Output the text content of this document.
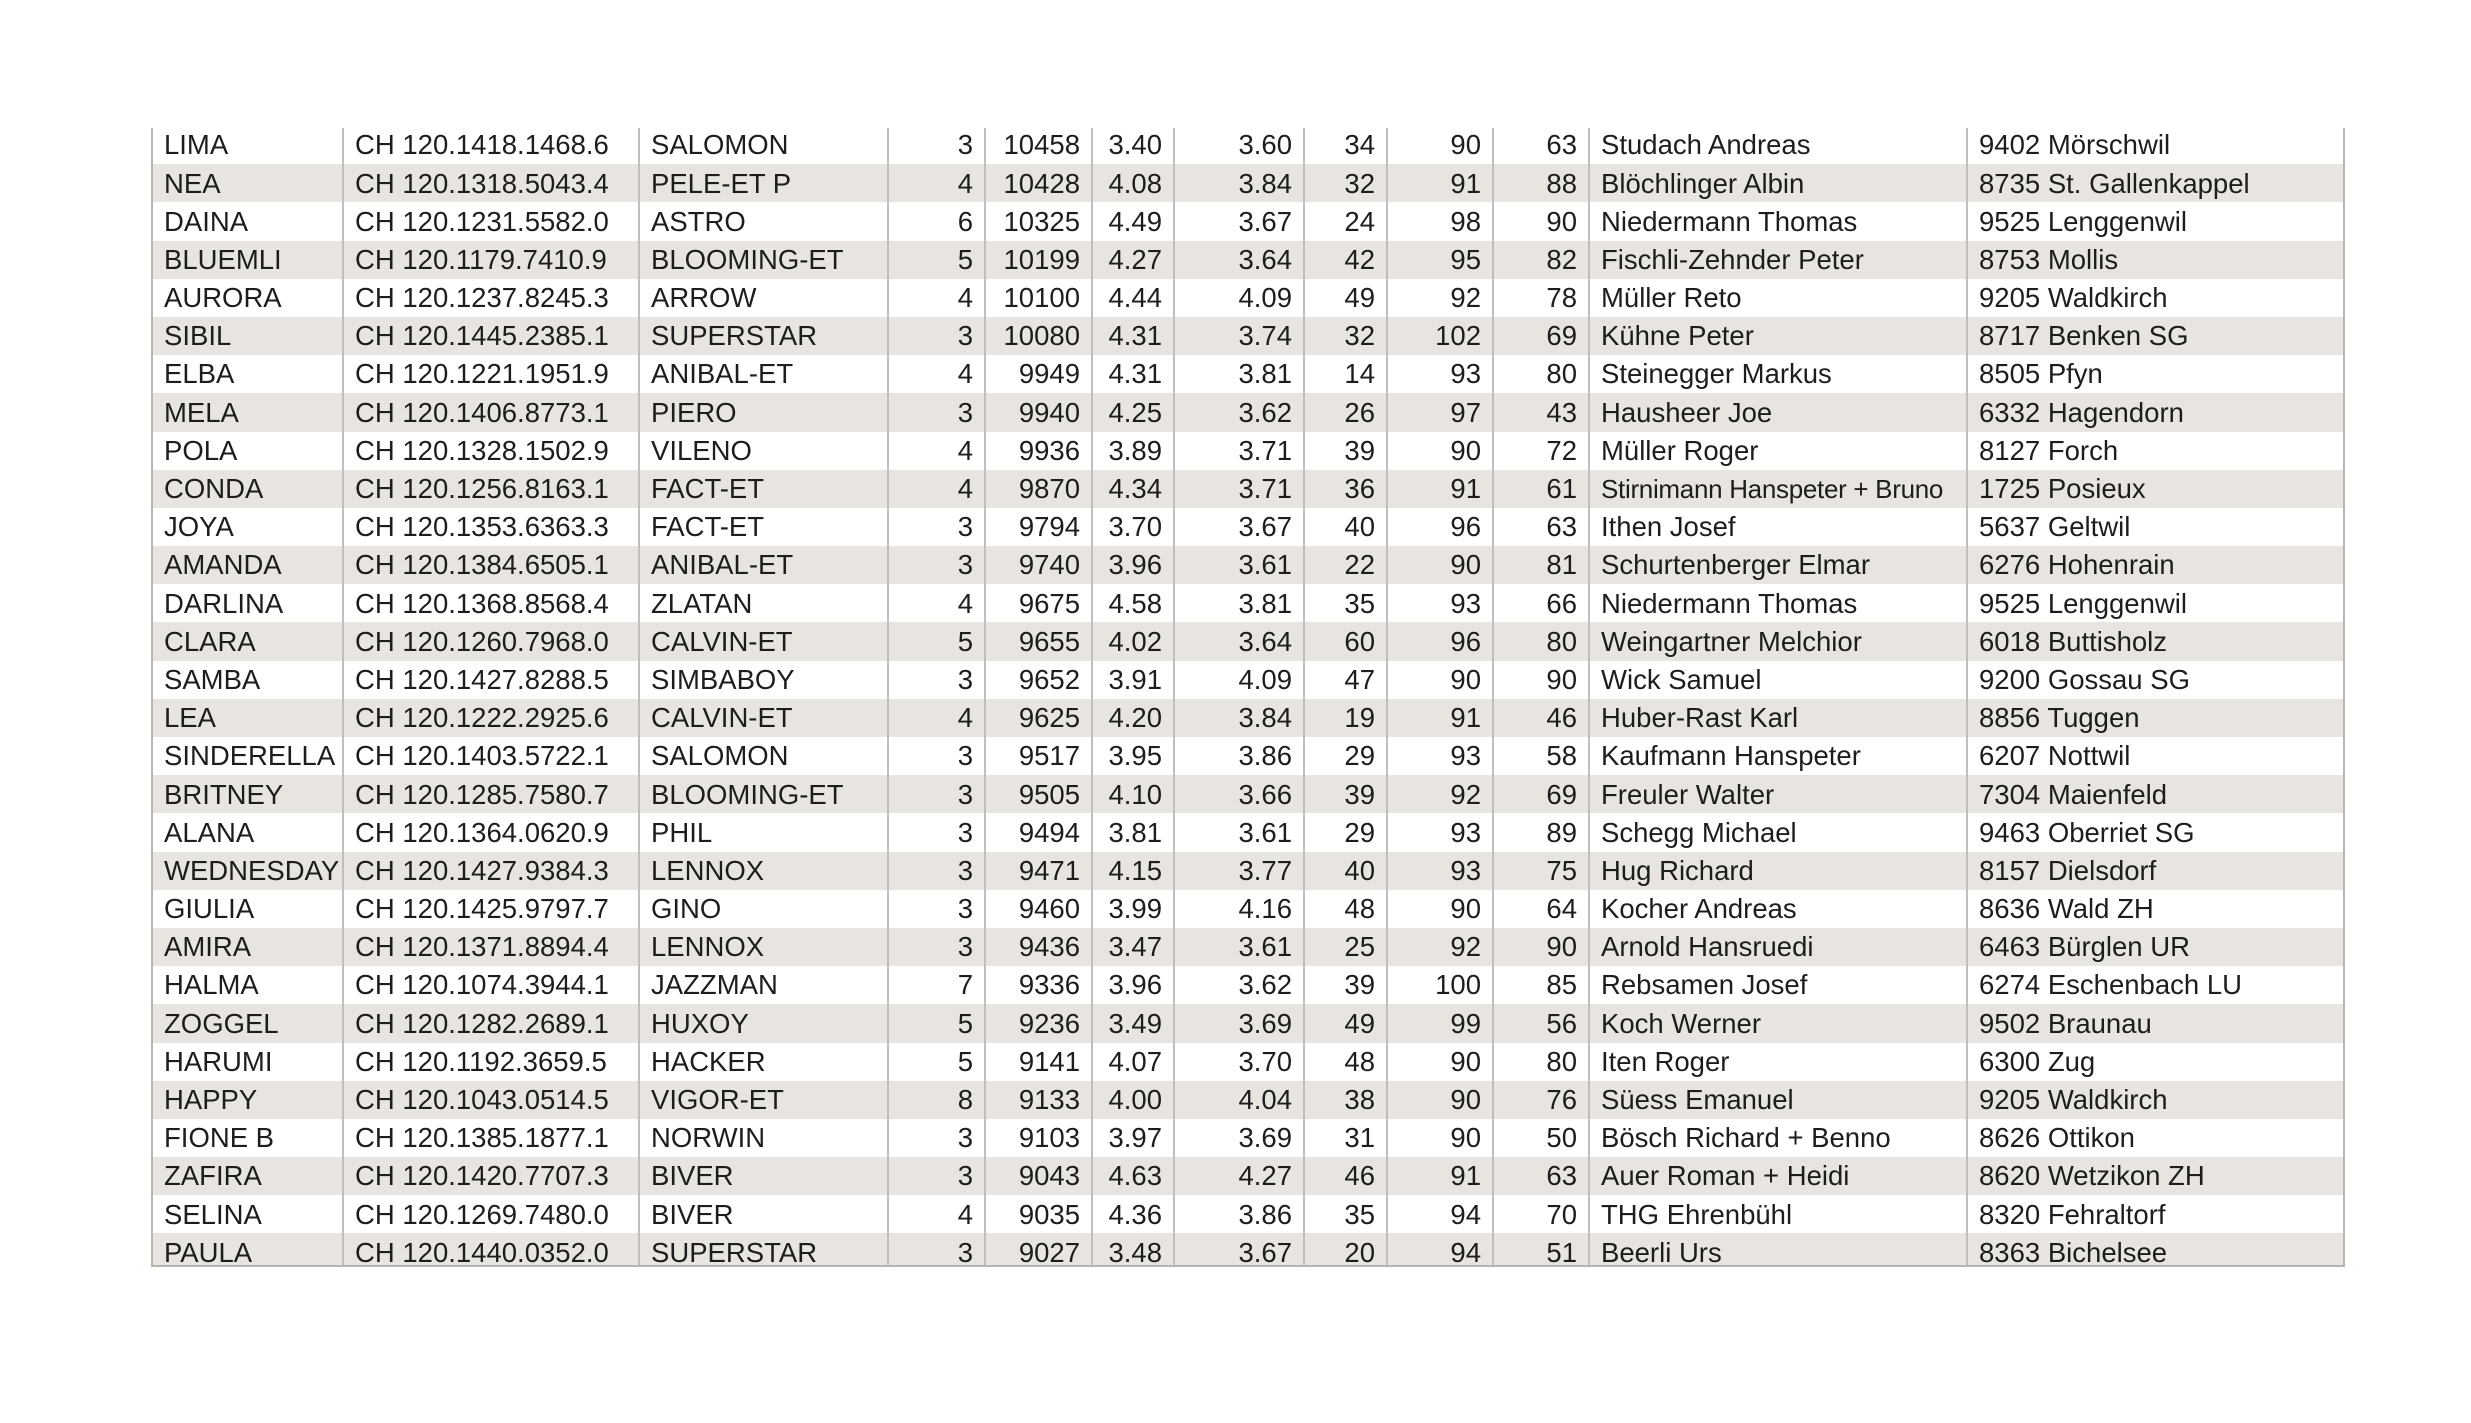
LIMA	CH 120.1418.1468.6	SALOMON	3	10458	3.40	3.60	34	90	63	Studach Andreas	9402 Mörschwil
NEA	CH 120.1318.5043.4	PELE-ET P	4	10428	4.08	3.84	32	91	88	Blöchlinger Albin	8735 St. Gallenkappel
DAINA	CH 120.1231.5582.0	ASTRO	6	10325	4.49	3.67	24	98	90	Niedermann Thomas	9525 Lenggenwil
BLUEMLI	CH 120.1179.7410.9	BLOOMING-ET	5	10199	4.27	3.64	42	95	82	Fischli-Zehnder Peter	8753 Mollis
AURORA	CH 120.1237.8245.3	ARROW	4	10100	4.44	4.09	49	92	78	Müller Reto	9205 Waldkirch
SIBIL	CH 120.1445.2385.1	SUPERSTAR	3	10080	4.31	3.74	32	102	69	Kühne Peter	8717 Benken SG
ELBA	CH 120.1221.1951.9	ANIBAL-ET	4	9949	4.31	3.81	14	93	80	Steinegger Markus	8505 Pfyn
MELA	CH 120.1406.8773.1	PIERO	3	9940	4.25	3.62	26	97	43	Hausheer Joe	6332 Hagendorn
POLA	CH 120.1328.1502.9	VILENO	4	9936	3.89	3.71	39	90	72	Müller Roger	8127 Forch
CONDA	CH 120.1256.8163.1	FACT-ET	4	9870	4.34	3.71	36	91	61	Stirnimann Hanspeter + Bruno	1725 Posieux
JOYA	CH 120.1353.6363.3	FACT-ET	3	9794	3.70	3.67	40	96	63	Ithen Josef	5637 Geltwil
AMANDA	CH 120.1384.6505.1	ANIBAL-ET	3	9740	3.96	3.61	22	90	81	Schurtenberger Elmar	6276 Hohenrain
DARLINA	CH 120.1368.8568.4	ZLATAN	4	9675	4.58	3.81	35	93	66	Niedermann Thomas	9525 Lenggenwil
CLARA	CH 120.1260.7968.0	CALVIN-ET	5	9655	4.02	3.64	60	96	80	Weingartner Melchior	6018 Buttisholz
SAMBA	CH 120.1427.8288.5	SIMBABOY	3	9652	3.91	4.09	47	90	90	Wick Samuel	9200 Gossau SG
LEA	CH 120.1222.2925.6	CALVIN-ET	4	9625	4.20	3.84	19	91	46	Huber-Rast Karl	8856 Tuggen
SINDERELLA	CH 120.1403.5722.1	SALOMON	3	9517	3.95	3.86	29	93	58	Kaufmann Hanspeter	6207 Nottwil
BRITNEY	CH 120.1285.7580.7	BLOOMING-ET	3	9505	4.10	3.66	39	92	69	Freuler Walter	7304 Maienfeld
ALANA	CH 120.1364.0620.9	PHIL	3	9494	3.81	3.61	29	93	89	Schegg Michael	9463 Oberriet SG
WEDNESDAY	CH 120.1427.9384.3	LENNOX	3	9471	4.15	3.77	40	93	75	Hug Richard	8157 Dielsdorf
GIULIA	CH 120.1425.9797.7	GINO	3	9460	3.99	4.16	48	90	64	Kocher Andreas	8636 Wald ZH
AMIRA	CH 120.1371.8894.4	LENNOX	3	9436	3.47	3.61	25	92	90	Arnold Hansruedi	6463 Bürglen UR
HALMA	CH 120.1074.3944.1	JAZZMAN	7	9336	3.96	3.62	39	100	85	Rebsamen Josef	6274 Eschenbach LU
ZOGGEL	CH 120.1282.2689.1	HUXOY	5	9236	3.49	3.69	49	99	56	Koch Werner	9502 Braunau
HARUMI	CH 120.1192.3659.5	HACKER	5	9141	4.07	3.70	48	90	80	Iten Roger	6300 Zug
HAPPY	CH 120.1043.0514.5	VIGOR-ET	8	9133	4.00	4.04	38	90	76	Süess Emanuel	9205 Waldkirch
FIONE B	CH 120.1385.1877.1	NORWIN	3	9103	3.97	3.69	31	90	50	Bösch Richard + Benno	8626 Ottikon
ZAFIRA	CH 120.1420.7707.3	BIVER	3	9043	4.63	4.27	46	91	63	Auer Roman + Heidi	8620 Wetzikon ZH
SELINA	CH 120.1269.7480.0	BIVER	4	9035	4.36	3.86	35	94	70	THG Ehrenbühl	8320 Fehraltorf
PAULA	CH 120.1440.0352.0	SUPERSTAR	3	9027	3.48	3.67	20	94	51	Beerli Urs	8363 Bichelsee
